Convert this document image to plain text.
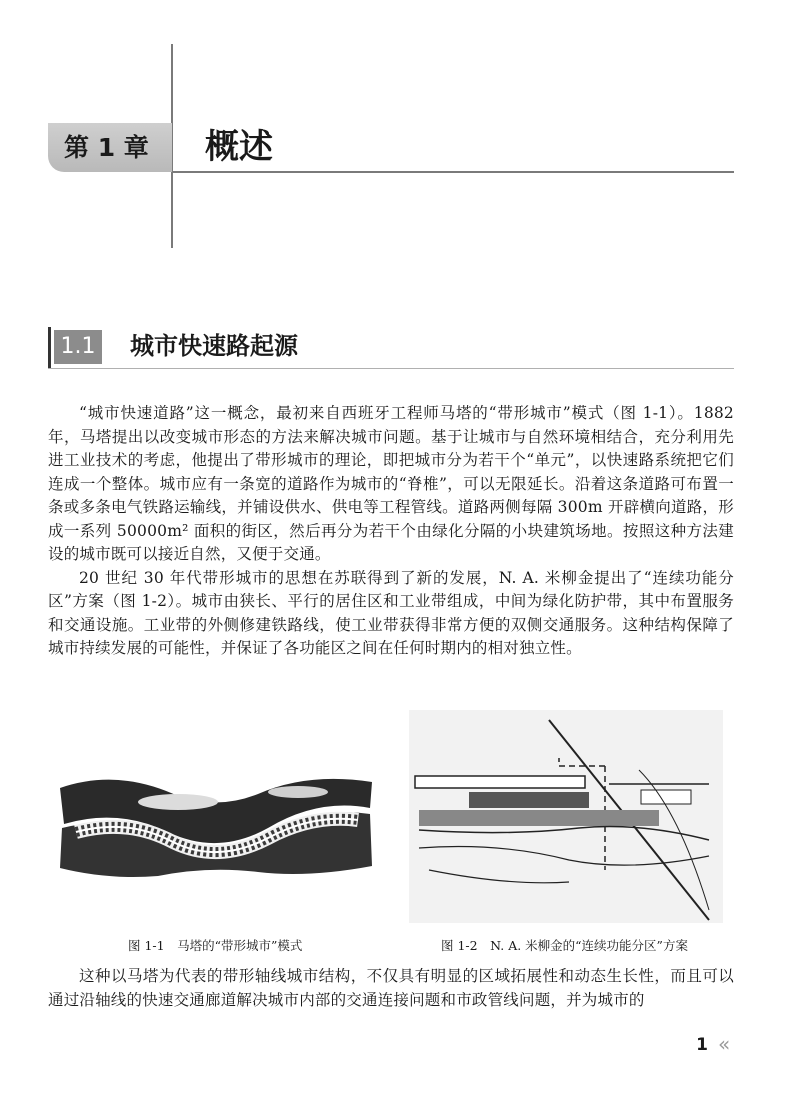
第 1 章	概述
1.1 城市快速路起源

“城市快速道路”这一概念，最初来自西班牙工程师马塔的“带形城市”模式（图 1-1）。1882 年，马塔提出以改变城市形态的方法来解决城市问题。基于让城市与自然环境相结合，充分利用先进工业技术的考虑，他提出了带形城市的理论，即把城市分为若干个“单元”，以快速路系统把它们连成一个整体。城市应有一条宽的道路作为城市的“脊椎”，可以无限延长。沿着这条道路可布置一条或多条电气铁路运输线，并铺设供水、供电等工程管线。道路两侧每隔 300m 开辟横向道路，形成一系列 50000m² 面积的街区，然后再分为若干个由绿化分隔的小块建筑场地。按照这种方法建设的城市既可以接近自然，又便于交通。

20 世纪 30 年代带形城市的思想在苏联得到了新的发展，N. A. 米柳金提出了“连续功能分区”方案（图 1-2）。城市由狭长、平行的居住区和工业带组成，中间为绿化防护带，其中布置服务和交通设施。工业带的外侧修建铁路线，使工业带获得非常方便的双侧交通服务。这种结构保障了城市持续发展的可能性，并保证了各功能区之间在任何时期内的相对独立性。

图 1-1　马塔的“带形城市”模式	图 1-2　N. A. 米柳金的“连续功能分区”方案

这种以马塔为代表的带形轴线城市结构，不仅具有明显的区域拓展性和动态生长性，而且可以通过沿轴线的快速交通廊道解决城市内部的交通连接问题和市政管线问题，并为城市的

1 «
